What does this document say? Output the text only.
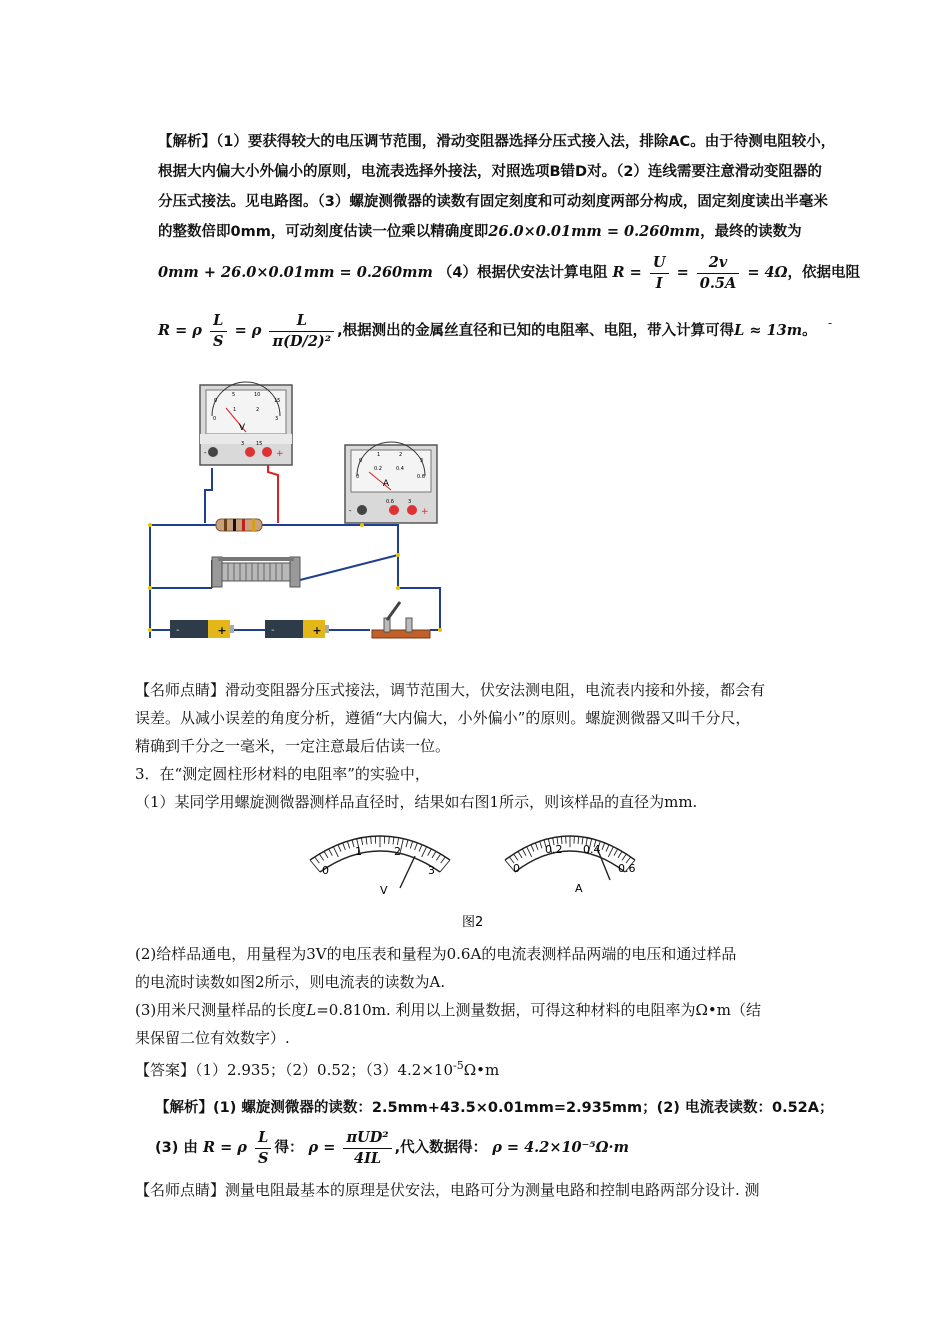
【解析】（1）要获得较大的电压调节范围，滑动变阻器选择分压式接入法，排除AC。由于待测电阻较小，
根据大内偏大小外偏小的原则，电流表选择外接法，对照选项B错D对。（2）连线需要注意滑动变阻器的
分压式接法。见电路图。（3）螺旋测微器的读数有固定刻度和可动刻度两部分构成，固定刻度读出半毫米
的整数倍即0mm，可动刻度估读一位乘以精确度即26.0×0.01mm = 0.260mm，最终的读数为
0mm + 26.0×0.01mm = 0.260mm （4）根据伏安法计算电阻 $R = \frac{U}{I} = \frac{2v}{0.5A} = 4\Omega$，依据电阻
R = ρ $\frac{L}{S} = \rho \frac{L}{\text{π(D/2)²}}$ ,根据测出的金属丝直径和已知的电阻率、电阻，带入计算可得L ≈ 13m。 -
V
0
5	10
15
0
1	2
3
-
3 15
+
A
0
1	2
3
0
0.2	0.4
0.6
-
0.6	3
+
+
-	+
-
【名师点睛】滑动变阻器分压式接法，调节范围大，伏安法测电阻，电流表内接和外接，都会有
误差。从减小误差的角度分析，遵循“大内偏大，小外偏小”的原则。螺旋测微器又叫千分尺，
精确到千分之一毫米，一定注意最后估读一位。
3．在“测定圆柱形材料的电阻率”的实验中，
（1）某同学用螺旋测微器测样品直径时，结果如右图1所示，则该样品的直径为mm.
0
1	2
3
V
0
0.2 0.4
0.6
A
图2
(2)给样品通电，用量程为3V的电压表和量程为0.6A的电流表测样品两端的电压和通过样品
的电流时读数如图2所示，则电流表的读数为A.
(3)用米尺测量样品的长度L=0.810m. 利用以上测量数据，可得这种材料的电阻率为Ω•m（结
果保留二位有效数字）.
【答案】（1）2.935；（2）0.52；$(3)4.2\times 10^{-5}\Omega•m$
【解析】(1) 螺旋测微器的读数：2.5mm+43.5×0.01mm=2.935mm；(2) 电流表读数：0.52A；
(3) 由 R = ρ $\frac{L}{S}$ 得： $\rho = \frac{\text{πUD²}}{4IL}$ ,代入数据得： ρ = 4.2×10⁻⁵Ω·m
【名师点睛】测量电阻最基本的原理是伏安法，电路可分为测量电路和控制电路两部分设计. 测
